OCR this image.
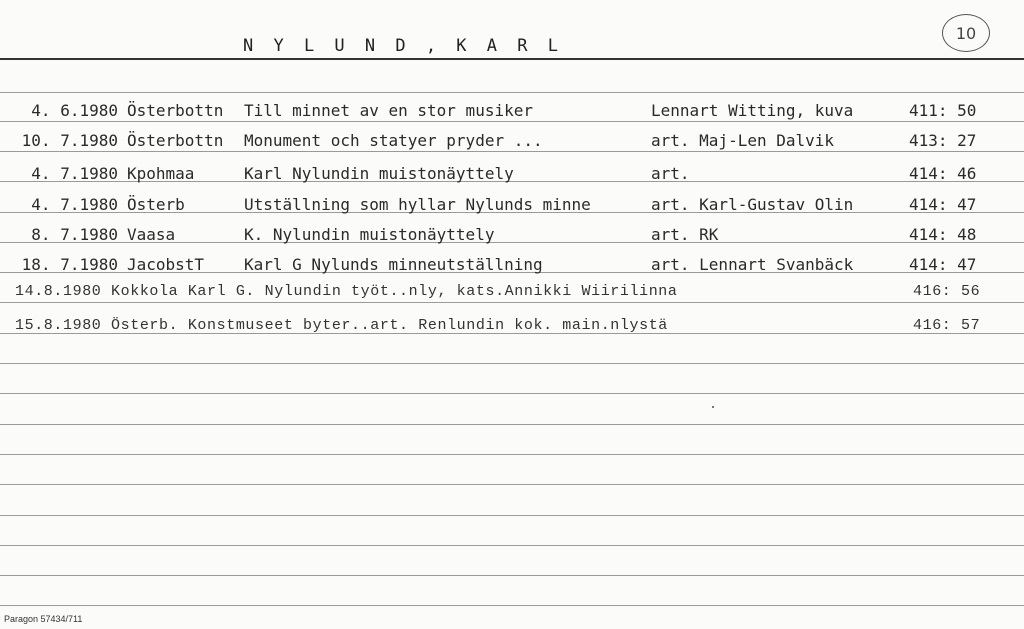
N Y L U N D , K A R L
10
4. 6.1980 Österbottn Till minnet av en stor musiker	Lennart Witting, kuva	411: 50
10. 7.1980 Österbottn Monument och statyer pryder ...	art. Maj-Len Dalvik	413: 27
4. 7.1980 Kpohmaa	Karl Nylundin muistonäyttely	art.	414: 46
4. 7.1980 Österb	Utställning som hyllar Nylunds minne	art. Karl-Gustav Olin	414: 47
8. 7.1980 Vaasa	K. Nylundin muistonäyttely	art. RK	414: 48
18. 7.1980 JacobstT Karl G Nylunds minneutställning	art. Lennart Svanbäck	414: 47
14.8.1980 Kokkola Karl G. Nylundin työt..nly, kats.Annikki Wiirilinna	416: 56
15.8.1980 Österb. Konstmuseet byter..art. Renlundin kok. main.nlystä	416: 57
Paragon 57434/711
